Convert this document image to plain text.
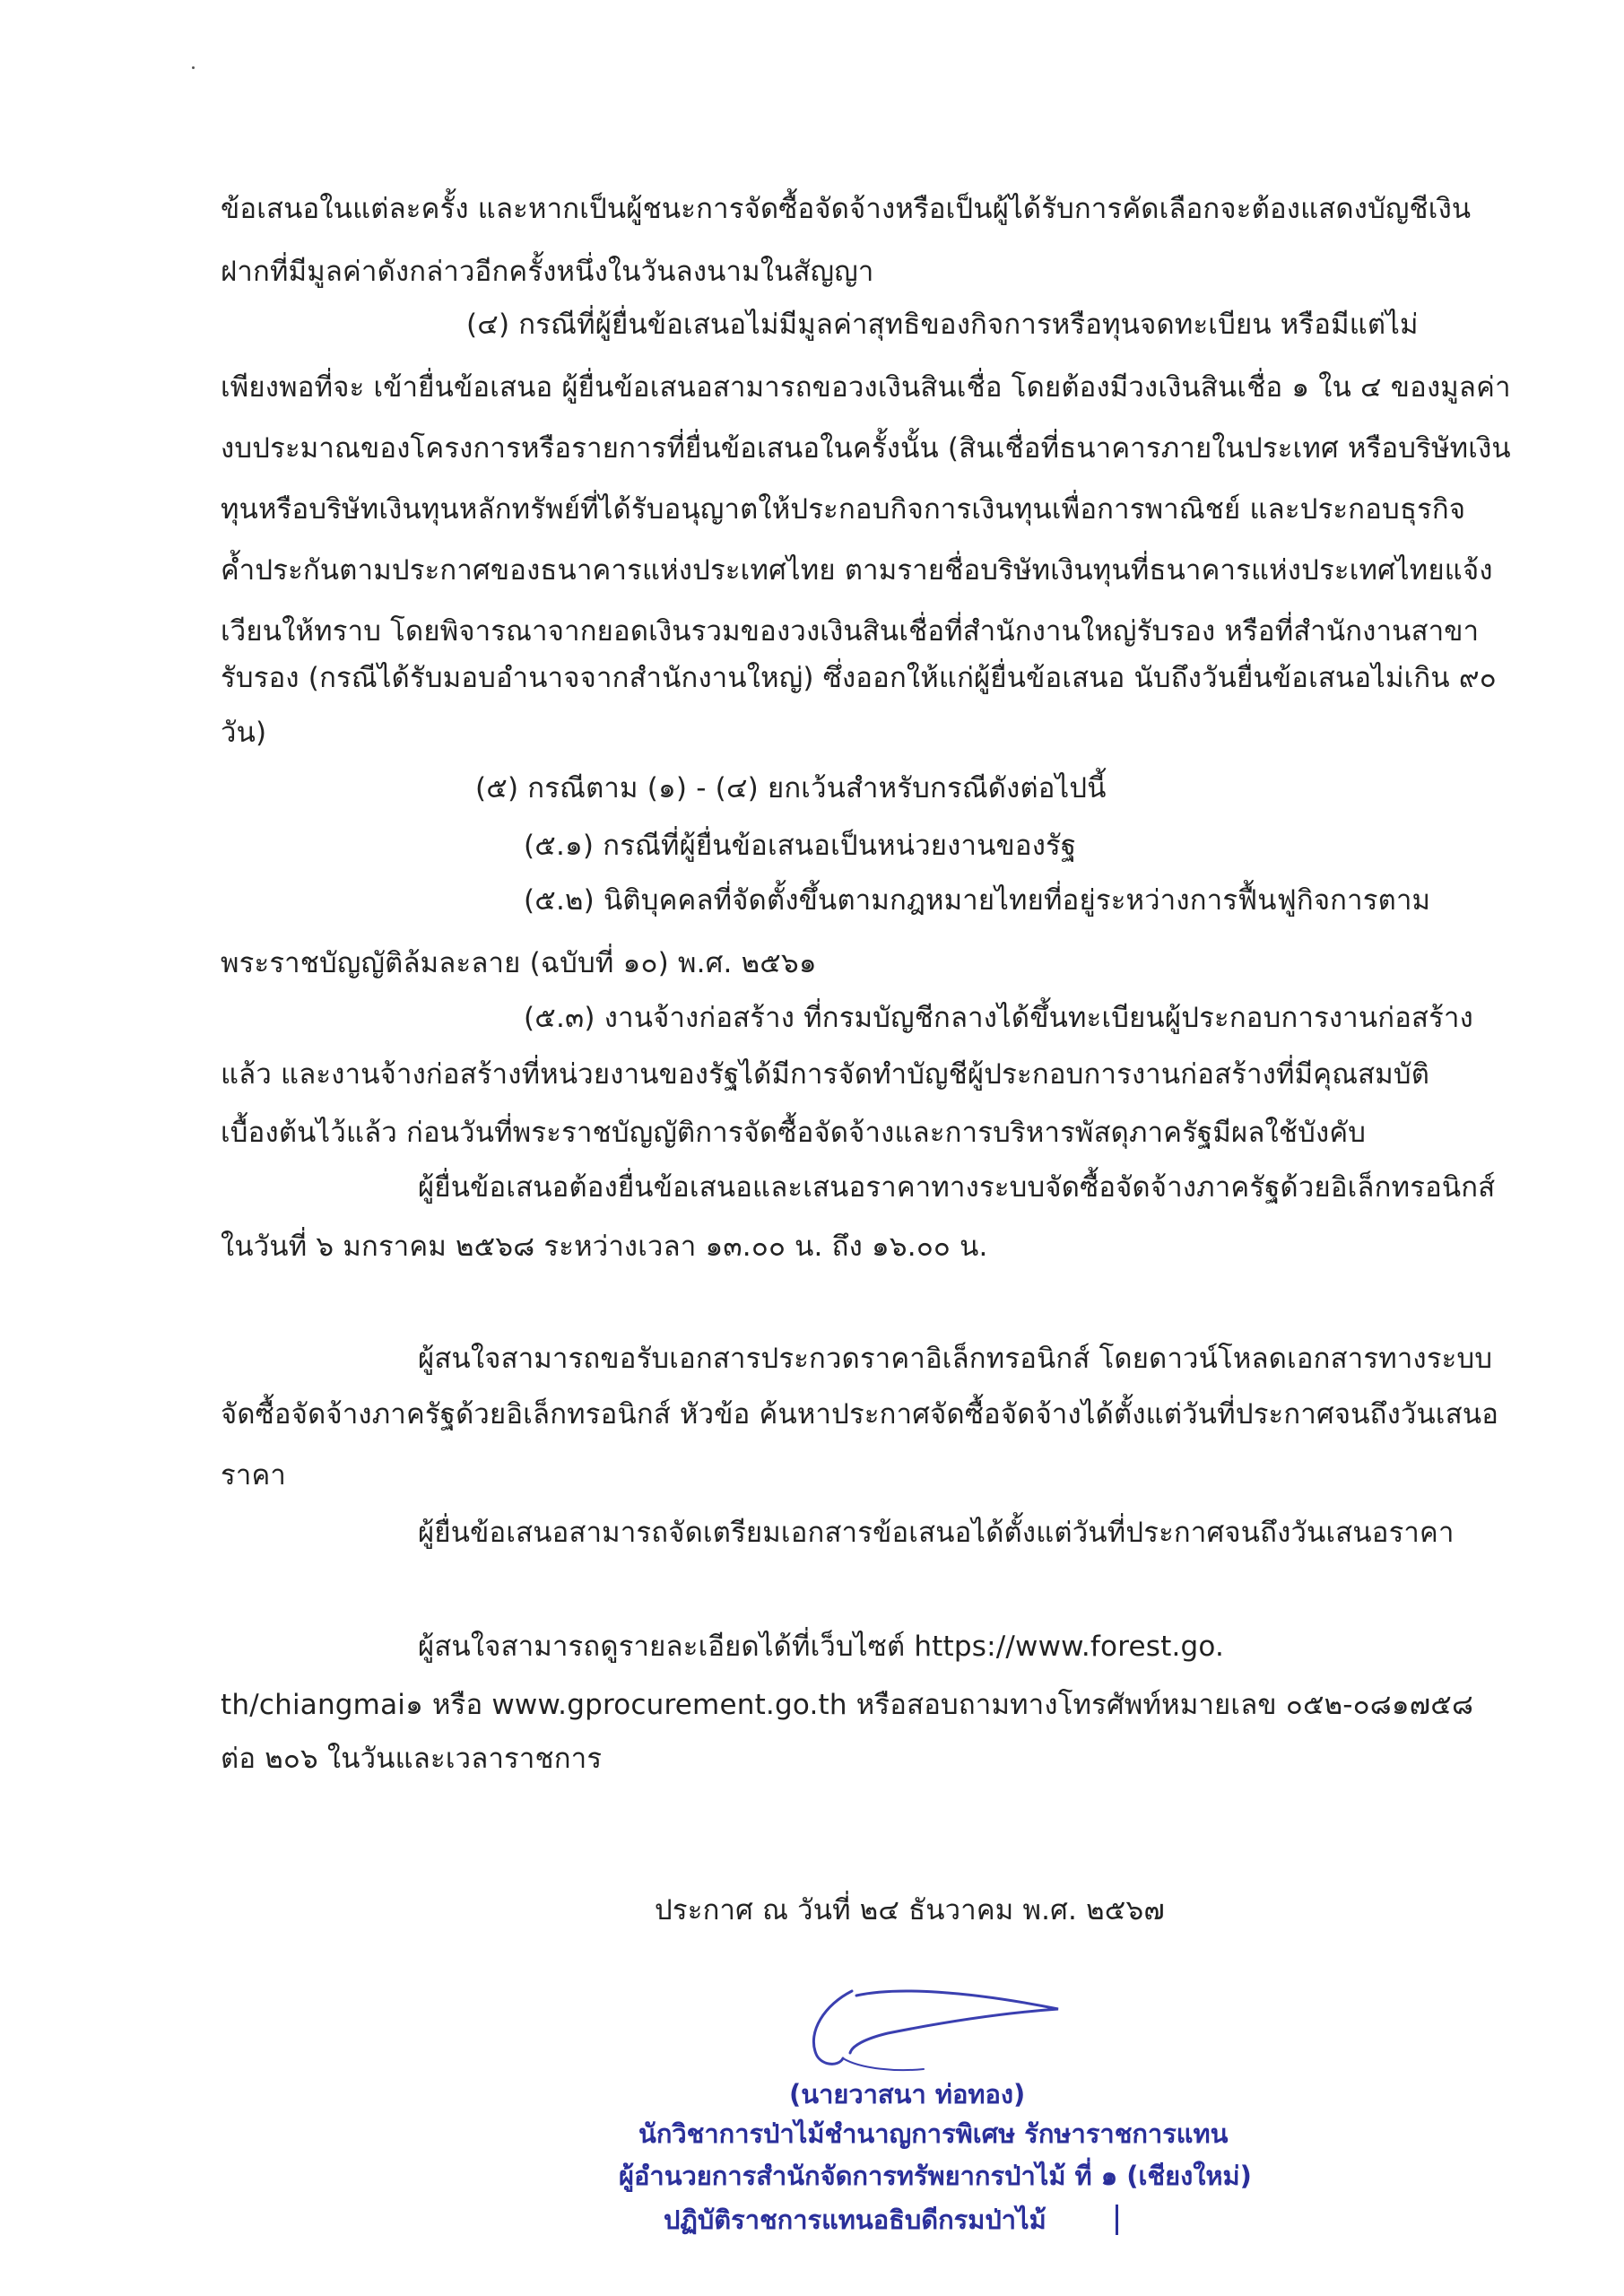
ข้อเสนอในแต่ละครั้ง และหากเป็นผู้ชนะการจัดซื้อจัดจ้างหรือเป็นผู้ได้รับการคัดเลือกจะต้องแสดงบัญชีเงิน
ฝากที่มีมูลค่าดังกล่าวอีกครั้งหนึ่งในวันลงนามในสัญญา
(๔) กรณีที่ผู้ยื่นข้อเสนอไม่มีมูลค่าสุทธิของกิจการหรือทุนจดทะเบียน หรือมีแต่ไม่
เพียงพอที่จะ เข้ายื่นข้อเสนอ ผู้ยื่นข้อเสนอสามารถขอวงเงินสินเชื่อ โดยต้องมีวงเงินสินเชื่อ ๑ ใน ๔ ของมูลค่า
งบประมาณของโครงการหรือรายการที่ยื่นข้อเสนอในครั้งนั้น (สินเชื่อที่ธนาคารภายในประเทศ หรือบริษัทเงิน
ทุนหรือบริษัทเงินทุนหลักทรัพย์ที่ได้รับอนุญาตให้ประกอบกิจการเงินทุนเพื่อการพาณิชย์ และประกอบธุรกิจ
ค้ำประกันตามประกาศของธนาคารแห่งประเทศไทย ตามรายชื่อบริษัทเงินทุนที่ธนาคารแห่งประเทศไทยแจ้ง
เวียนให้ทราบ โดยพิจารณาจากยอดเงินรวมของวงเงินสินเชื่อที่สำนักงานใหญ่รับรอง หรือที่สำนักงานสาขา
รับรอง (กรณีได้รับมอบอำนาจจากสำนักงานใหญ่) ซึ่งออกให้แก่ผู้ยื่นข้อเสนอ นับถึงวันยื่นข้อเสนอไม่เกิน ๙๐
วัน)
(๕) กรณีตาม (๑) - (๔) ยกเว้นสำหรับกรณีดังต่อไปนี้
(๕.๑) กรณีที่ผู้ยื่นข้อเสนอเป็นหน่วยงานของรัฐ
(๕.๒) นิติบุคคลที่จัดตั้งขึ้นตามกฎหมายไทยที่อยู่ระหว่างการฟื้นฟูกิจการตาม
พระราชบัญญัติล้มละลาย (ฉบับที่ ๑๐) พ.ศ. ๒๕๖๑
(๕.๓) งานจ้างก่อสร้าง ที่กรมบัญชีกลางได้ขึ้นทะเบียนผู้ประกอบการงานก่อสร้าง
แล้ว และงานจ้างก่อสร้างที่หน่วยงานของรัฐได้มีการจัดทำบัญชีผู้ประกอบการงานก่อสร้างที่มีคุณสมบัติ
เบื้องต้นไว้แล้ว ก่อนวันที่พระราชบัญญัติการจัดซื้อจัดจ้างและการบริหารพัสดุภาครัฐมีผลใช้บังคับ
ผู้ยื่นข้อเสนอต้องยื่นข้อเสนอและเสนอราคาทางระบบจัดซื้อจัดจ้างภาครัฐด้วยอิเล็กทรอนิกส์
ในวันที่ ๖ มกราคม ๒๕๖๘ ระหว่างเวลา ๑๓.๐๐ น. ถึง ๑๖.๐๐ น.
ผู้สนใจสามารถขอรับเอกสารประกวดราคาอิเล็กทรอนิกส์ โดยดาวน์โหลดเอกสารทางระบบ
จัดซื้อจัดจ้างภาครัฐด้วยอิเล็กทรอนิกส์ หัวข้อ ค้นหาประกาศจัดซื้อจัดจ้างได้ตั้งแต่วันที่ประกาศจนถึงวันเสนอ
ราคา
ผู้ยื่นข้อเสนอสามารถจัดเตรียมเอกสารข้อเสนอได้ตั้งแต่วันที่ประกาศจนถึงวันเสนอราคา
ผู้สนใจสามารถดูรายละเอียดได้ที่เว็บไซต์ https://www.forest.go.
th/chiangmai๑ หรือ www.gprocurement.go.th หรือสอบถามทางโทรศัพท์หมายเลข ๐๕๒-๐๘๑๗๕๘
ต่อ ๒๐๖ ในวันและเวลาราชการ
ประกาศ ณ วันที่ ๒๔ ธันวาคม พ.ศ. ๒๕๖๗
(นายวาสนา ท่อทอง)
นักวิชาการป่าไม้ชำนาญการพิเศษ รักษาราชการแทน
ผู้อำนวยการสำนักจัดการทรัพยากรป่าไม้ ที่ ๑ (เชียงใหม่)
ปฏิบัติราชการแทนอธิบดีกรมป่าไม้
